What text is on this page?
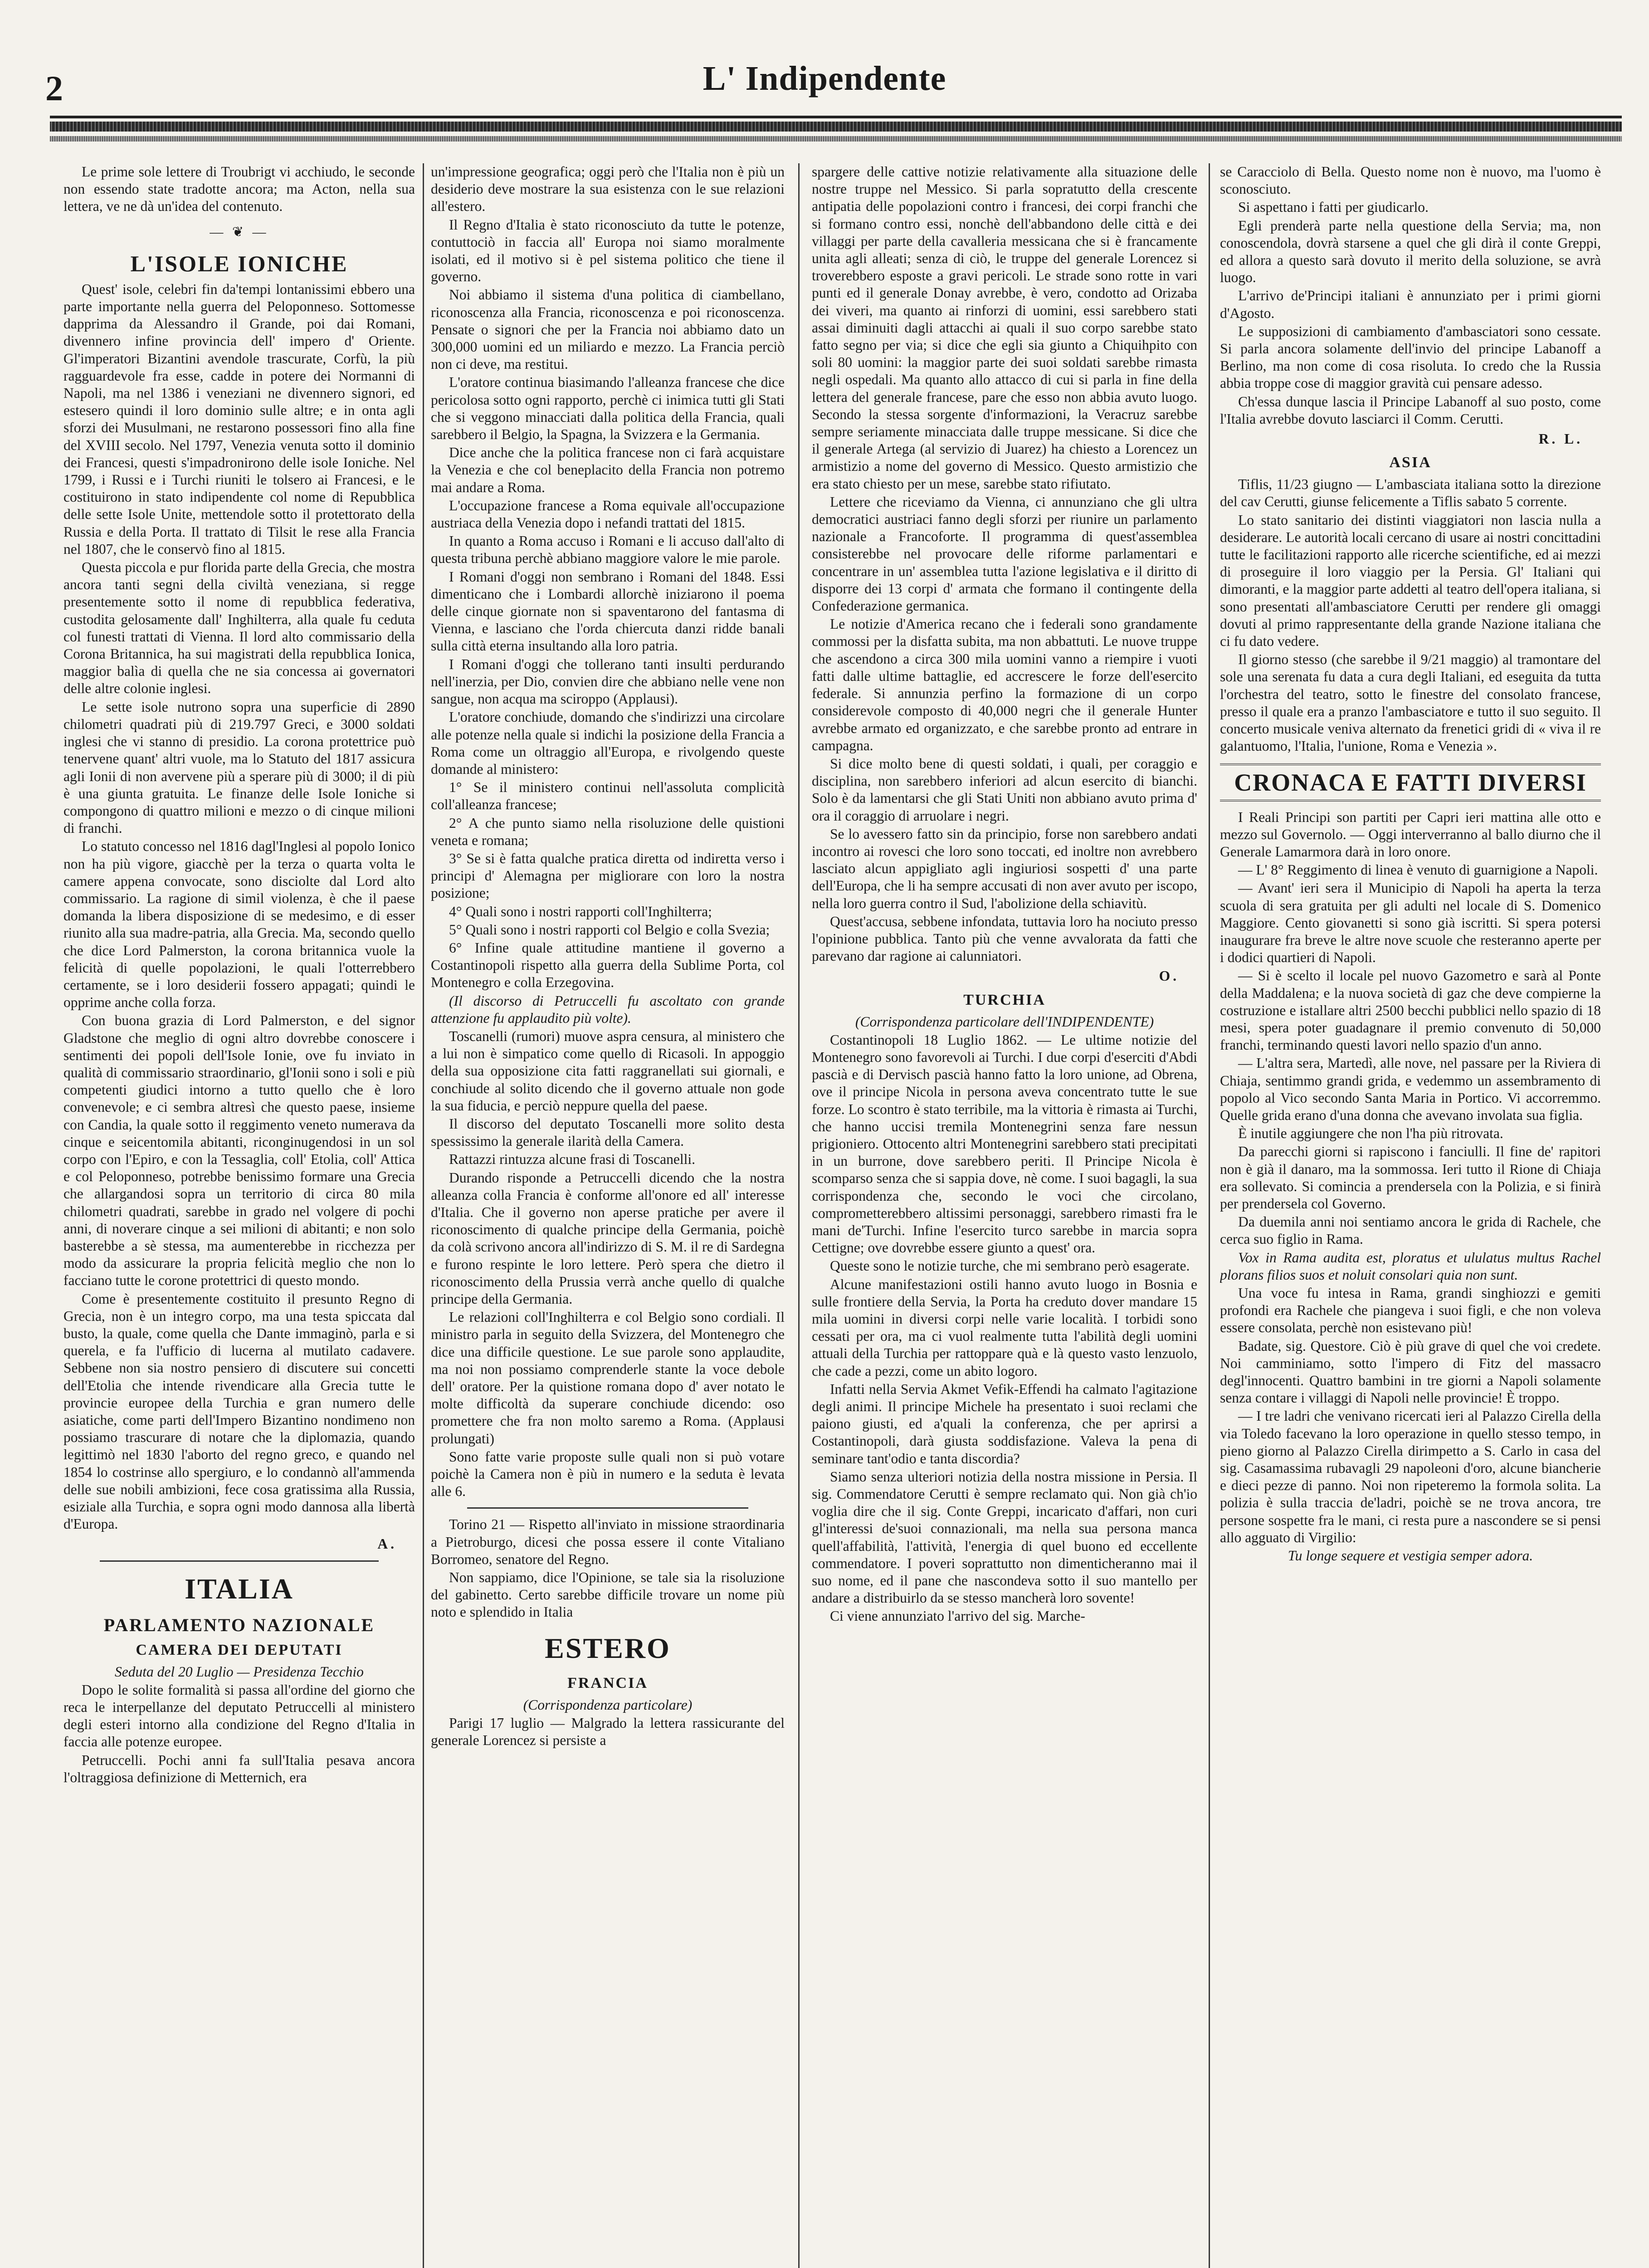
2	L' Indipendente

Le prime sole lettere di Troubrigt vi acchiudo, le seconde non essendo state tradotte ancora; ma Acton, nella sua lettera, ve ne dà un'idea del contenuto.

— ❦ —
L'ISOLE IONICHE

Quest' isole, celebri fin da'tempi lontanissimi ebbero una parte importante nella guerra del Peloponneso. Sottomesse dapprima da Alessandro il Grande, poi dai Romani, divennero infine provincia dell' impero d' Oriente. Gl'imperatori Bizantini avendole trascurate, Corfù, la più ragguardevole fra esse, cadde in potere dei Normanni di Napoli, ma nel 1386 i veneziani ne divennero signori, ed estesero quindi il loro dominio sulle altre; e in onta agli sforzi dei Musulmani, ne restarono possessori fino alla fine del XVIII secolo. Nel 1797, Venezia venuta sotto il dominio dei Francesi, questi s'impadronirono delle isole Ioniche. Nel 1799, i Russi e i Turchi riuniti le tolsero ai Francesi, e le costituirono in stato indipendente col nome di Repubblica delle sette Isole Unite, mettendole sotto il protettorato della Russia e della Porta. Il trattato di Tilsit le rese alla Francia nel 1807, che le conservò fino al 1815.

Questa piccola e pur florida parte della Grecia, che mostra ancora tanti segni della civiltà veneziana, si regge presentemente sotto il nome di repubblica federativa, custodita gelosamente dall' Inghilterra, alla quale fu ceduta col funesti trattati di Vienna. Il lord alto commissario della Corona Britannica, ha sui magistrati della repubblica Ionica, maggior balìa di quella che ne sia concessa ai governatori delle altre colonie inglesi.

Le sette isole nutrono sopra una superficie di 2890 chilometri quadrati più di 219.797 Greci, e 3000 soldati inglesi che vi stanno di presidio. La corona protettrice può tenervene quant' altri vuole, ma lo Statuto del 1817 assicura agli Ionii di non avervene più a sperare più di 3000; il di più è una giunta gratuita. Le finanze delle Isole Ioniche si compongono di quattro milioni e mezzo o di cinque milioni di franchi.

Lo statuto concesso nel 1816 dagl'Inglesi al popolo Ionico non ha più vigore, giacchè per la terza o quarta volta le camere appena convocate, sono disciolte dal Lord alto commissario. La ragione di simil violenza, è che il paese domanda la libera disposizione di se medesimo, e di esser riunito alla sua madre-patria, alla Grecia. Ma, secondo quello che dice Lord Palmerston, la corona britannica vuole la felicità di quelle popolazioni, le quali l'otterrebbero certamente, se i loro desiderii fossero appagati; quindi le opprime anche colla forza.

Con buona grazia di Lord Palmerston, e del signor Gladstone che meglio di ogni altro dovrebbe conoscere i sentimenti dei popoli dell'Isole Ionie, ove fu inviato in qualità di commissario straordinario, gl'Ionii sono i soli e più competenti giudici intorno a tutto quello che è loro convenevole; e ci sembra altresì che questo paese, insieme con Candia, la quale sotto il reggimento veneto numerava da cinque e seicentomila abitanti, riconginugendosi in un sol corpo con l'Epiro, e con la Tessaglia, coll' Etolia, coll' Attica e col Peloponneso, potrebbe benissimo formare una Grecia che allargandosi sopra un territorio di circa 80 mila chilometri quadrati, sarebbe in grado nel volgere di pochi anni, di noverare cinque a sei milioni di abitanti; e non solo basterebbe a sè stessa, ma aumenterebbe in ricchezza per modo da assicurare la propria felicità meglio che non lo facciano tutte le corone protettrici di questo mondo.

Come è presentemente costituito il presunto Regno di Grecia, non è un integro corpo, ma una testa spiccata dal busto, la quale, come quella che Dante immaginò, parla e si querela, e fa l'ufficio di lucerna al mutilato cadavere. Sebbene non sia nostro pensiero di discutere sui concetti dell'Etolia che intende rivendicare alla Grecia tutte le provincie europee della Turchia e gran numero delle asiatiche, come parti dell'Impero Bizantino nondimeno non possiamo trascurare di notare che la diplomazia, quando legittimò nel 1830 l'aborto del regno greco, e quando nel 1854 lo costrinse allo spergiuro, e lo condannò all'ammenda delle sue nobili ambizioni, fece cosa gratissima alla Russia, esiziale alla Turchia, e sopra ogni modo dannosa alla libertà d'Europa.

A.
ITALIA
PARLAMENTO NAZIONALE
CAMERA DEI DEPUTATI

Seduta del 20 Luglio — Presidenza Tecchio

Dopo le solite formalità si passa all'ordine del giorno che reca le interpellanze del deputato Petruccelli al ministero degli esteri intorno alla condizione del Regno d'Italia in faccia alle potenze europee.

Petruccelli. Pochi anni fa sull'Italia pesava ancora l'oltraggiosa definizione di Metternich, era

un'impressione geografica; oggi però che l'Italia non è più un desiderio deve mostrare la sua esistenza con le sue relazioni all'estero.

Il Regno d'Italia è stato riconosciuto da tutte le potenze, contuttociò in faccia all' Europa noi siamo moralmente isolati, ed il motivo si è pel sistema politico che tiene il governo.

Noi abbiamo il sistema d'una politica di ciambellano, riconoscenza alla Francia, riconoscenza e poi riconoscenza. Pensate o signori che per la Francia noi abbiamo dato un 300,000 uomini ed un miliardo e mezzo. La Francia perciò non ci deve, ma restitui.

L'oratore continua biasimando l'alleanza francese che dice pericolosa sotto ogni rapporto, perchè ci inimica tutti gli Stati che si veggono minacciati dalla politica della Francia, quali sarebbero il Belgio, la Spagna, la Svizzera e la Germania.

Dice anche che la politica francese non ci farà acquistare la Venezia e che col beneplacito della Francia non potremo mai andare a Roma.

L'occupazione francese a Roma equivale all'occupazione austriaca della Venezia dopo i nefandi trattati del 1815.

In quanto a Roma accuso i Romani e li accuso dall'alto di questa tribuna perchè abbiano maggiore valore le mie parole.

I Romani d'oggi non sembrano i Romani del 1848. Essi dimenticano che i Lombardi allorchè iniziarono il poema delle cinque giornate non si spaventarono del fantasma di Vienna, e lasciano che l'orda chiercuta danzi ridde banali sulla città eterna insultando alla loro patria.

I Romani d'oggi che tollerano tanti insulti perdurando nell'inerzia, per Dio, convien dire che abbiano nelle vene non sangue, non acqua ma sciroppo (Applausi).

L'oratore conchiude, domando che s'indirizzi una circolare alle potenze nella quale si indichi la posizione della Francia a Roma come un oltraggio all'Europa, e rivolgendo queste domande al ministero:

1° Se il ministero continui nell'assoluta complicità coll'alleanza francese;

2° A che punto siamo nella risoluzione delle quistioni veneta e romana;

3° Se si è fatta qualche pratica diretta od indiretta verso i principi d' Alemagna per migliorare con loro la nostra posizione;

4° Quali sono i nostri rapporti coll'Inghilterra;

5° Quali sono i nostri rapporti col Belgio e colla Svezia;

6° Infine quale attitudine mantiene il governo a Costantinopoli rispetto alla guerra della Sublime Porta, col Montenegro e colla Erzegovina.

(Il discorso di Petruccelli fu ascoltato con grande attenzione fu applaudito più volte).

Toscanelli (rumori) muove aspra censura, al ministero che a lui non è simpatico come quello di Ricasoli. In appoggio della sua opposizione cita fatti raggranellati sui giornali, e conchiude al solito dicendo che il governo attuale non gode la sua fiducia, e perciò neppure quella del paese.

Il discorso del deputato Toscanelli more solito desta spessissimo la generale ilarità della Camera.

Rattazzi rintuzza alcune frasi di Toscanelli.

Durando risponde a Petruccelli dicendo che la nostra alleanza colla Francia è conforme all'onore ed all' interesse d'Italia. Che il governo non aperse pratiche per avere il riconoscimento di qualche principe della Germania, poichè da colà scrivono ancora all'indirizzo di S. M. il re di Sardegna e furono respinte le loro lettere. Però spera che dietro il riconoscimento della Prussia verrà anche quello di qualche principe della Germania.

Le relazioni coll'Inghilterra e col Belgio sono cordiali. Il ministro parla in seguito della Svizzera, del Montenegro che dice una difficile questione. Le sue parole sono applaudite, ma noi non possiamo comprenderle stante la voce debole dell' oratore. Per la quistione romana dopo d' aver notato le molte difficoltà da superare conchiude dicendo: oso promettere che fra non molto saremo a Roma. (Applausi prolungati)

Sono fatte varie proposte sulle quali non si può votare poichè la Camera non è più in numero e la seduta è levata alle 6.

Torino 21 — Rispetto all'inviato in missione straordinaria a Pietroburgo, dicesi che possa essere il conte Vitaliano Borromeo, senatore del Regno.

Non sappiamo, dice l'Opinione, se tale sia la risoluzione del gabinetto. Certo sarebbe difficile trovare un nome più noto e splendido in Italia

ESTERO
FRANCIA

(Corrispondenza particolare)

Parigi 17 luglio — Malgrado la lettera rassicurante del generale Lorencez si persiste a

spargere delle cattive notizie relativamente alla situazione delle nostre truppe nel Messico. Si parla sopratutto della crescente antipatia delle popolazioni contro i francesi, dei corpi franchi che si formano contro essi, nonchè dell'abbandono delle città e dei villaggi per parte della cavalleria messicana che si è francamente unita agli alleati; senza di ciò, le truppe del generale Lorencez si troverebbero esposte a gravi pericoli. Le strade sono rotte in vari punti ed il generale Donay avrebbe, è vero, condotto ad Orizaba dei viveri, ma quanto ai rinforzi di uomini, essi sarebbero stati assai diminuiti dagli attacchi ai quali il suo corpo sarebbe stato fatto segno per via; si dice che egli sia giunto a Chiquihpito con soli 80 uomini: la maggior parte dei suoi soldati sarebbe rimasta negli ospedali. Ma quanto allo attacco di cui si parla in fine della lettera del generale francese, pare che esso non abbia avuto luogo. Secondo la stessa sorgente d'informazioni, la Veracruz sarebbe sempre seriamente minacciata dalle truppe messicane. Si dice che il generale Artega (al servizio di Juarez) ha chiesto a Lorencez un armistizio a nome del governo di Messico. Questo armistizio che era stato chiesto per un mese, sarebbe stato rifiutato.

Lettere che riceviamo da Vienna, ci annunziano che gli ultra democratici austriaci fanno degli sforzi per riunire un parlamento nazionale a Francoforte. Il programma di quest'assemblea consisterebbe nel provocare delle riforme parlamentari e concentrare in un' assemblea tutta l'azione legislativa e il diritto di disporre dei 13 corpi d' armata che formano il contingente della Confederazione germanica.

Le notizie d'America recano che i federali sono grandamente commossi per la disfatta subita, ma non abbattuti. Le nuove truppe che ascendono a circa 300 mila uomini vanno a riempire i vuoti fatti dalle ultime battaglie, ed accrescere le forze dell'esercito federale. Si annunzia perfino la formazione di un corpo considerevole composto di 40,000 negri che il generale Hunter avrebbe armato ed organizzato, e che sarebbe pronto ad entrare in campagna.

Si dice molto bene di questi soldati, i quali, per coraggio e disciplina, non sarebbero inferiori ad alcun esercito di bianchi. Solo è da lamentarsi che gli Stati Uniti non abbiano avuto prima d' ora il coraggio di arruolare i negri.

Se lo avessero fatto sin da principio, forse non sarebbero andati incontro ai rovesci che loro sono toccati, ed inoltre non avrebbero lasciato alcun appigliato agli ingiuriosi sospetti d' una parte dell'Europa, che li ha sempre accusati di non aver avuto per iscopo, nella loro guerra contro il Sud, l'abolizione della schiavitù.

Quest'accusa, sebbene infondata, tuttavia loro ha nociuto presso l'opinione pubblica. Tanto più che venne avvalorata da fatti che parevano dar ragione ai calunniatori.

O.
TURCHIA

(Corrispondenza particolare dell'INDIPENDENTE)

Costantinopoli 18 Luglio 1862. — Le ultime notizie del Montenegro sono favorevoli ai Turchi. I due corpi d'eserciti d'Abdi pascià e di Dervisch pascià hanno fatto la loro unione, ad Obrena, ove il principe Nicola in persona aveva concentrato tutte le sue forze. Lo scontro è stato terribile, ma la vittoria è rimasta ai Turchi, che hanno uccisi tremila Montenegrini senza fare nessun prigioniero. Ottocento altri Montenegrini sarebbero stati precipitati in un burrone, dove sarebbero periti. Il Principe Nicola è scomparso senza che si sappia dove, nè come. I suoi bagagli, la sua corrispondenza che, secondo le voci che circolano, comprometterebbero altissimi personaggi, sarebbero rimasti fra le mani de'Turchi. Infine l'esercito turco sarebbe in marcia sopra Cettigne; ove dovrebbe essere giunto a quest' ora.

Queste sono le notizie turche, che mi sembrano però esagerate.

Alcune manifestazioni ostili hanno avuto luogo in Bosnia e sulle frontiere della Servia, la Porta ha creduto dover mandare 15 mila uomini in diversi corpi nelle varie località. I torbidi sono cessati per ora, ma ci vuol realmente tutta l'abilità degli uomini attuali della Turchia per rattoppare quà e là questo vasto lenzuolo, che cade a pezzi, come un abito logoro.

Infatti nella Servia Akmet Vefik-Effendi ha calmato l'agitazione degli animi. Il principe Michele ha presentato i suoi reclami che paiono giusti, ed a'quali la conferenza, che per aprirsi a Costantinopoli, darà giusta soddisfazione. Valeva la pena di seminare tant'odio e tanta discordia?

Siamo senza ulteriori notizia della nostra missione in Persia. Il sig. Commendatore Cerutti è sempre reclamato qui. Non già ch'io voglia dire che il sig. Conte Greppi, incaricato d'affari, non curi gl'interessi de'suoi connazionali, ma nella sua persona manca quell'affabilità, l'attività, l'energia di quel buono ed eccellente commendatore. I poveri soprattutto non dimenticheranno mai il suo nome, ed il pane che nascondeva sotto il suo mantello per andare a distribuirlo da se stesso mancherà loro sovente!

Ci viene annunziato l'arrivo del sig. Marche-

se Caracciolo di Bella. Questo nome non è nuovo, ma l'uomo è sconosciuto.

Si aspettano i fatti per giudicarlo.

Egli prenderà parte nella questione della Servia; ma, non conoscendola, dovrà starsene a quel che gli dirà il conte Greppi, ed allora a questo sarà dovuto il merito della soluzione, se avrà luogo.

L'arrivo de'Principi italiani è annunziato per i primi giorni d'Agosto.

Le supposizioni di cambiamento d'ambasciatori sono cessate. Si parla ancora solamente dell'invio del principe Labanoff a Berlino, ma non come di cosa risoluta. Io credo che la Russia abbia troppe cose di maggior gravità cui pensare adesso.

Ch'essa dunque lascia il Principe Labanoff al suo posto, come l'Italia avrebbe dovuto lasciarci il Comm. Cerutti.

R. L.
ASIA

Tiflis, 11/23 giugno — L'ambasciata italiana sotto la direzione del cav Cerutti, giunse felicemente a Tiflis sabato 5 corrente.

Lo stato sanitario dei distinti viaggiatori non lascia nulla a desiderare. Le autorità locali cercano di usare ai nostri concittadini tutte le facilitazioni rapporto alle ricerche scientifiche, ed ai mezzi di proseguire il loro viaggio per la Persia. Gl' Italiani qui dimoranti, e la maggior parte addetti al teatro dell'opera italiana, si sono presentati all'ambasciatore Cerutti per rendere gli omaggi dovuti al primo rappresentante della grande Nazione italiana che ci fu dato vedere.

Il giorno stesso (che sarebbe il 9/21 maggio) al tramontare del sole una serenata fu data a cura degli Italiani, ed eseguita da tutta l'orchestra del teatro, sotto le finestre del consolato francese, presso il quale era a pranzo l'ambasciatore e tutto il suo seguito. Il concerto musicale veniva alternato da frenetici gridi di « viva il re galantuomo, l'Italia, l'unione, Roma e Venezia ».

CRONACA E FATTI DIVERSI

I Reali Principi son partiti per Capri ieri mattina alle otto e mezzo sul Governolo. — Oggi interverranno al ballo diurno che il Generale Lamarmora darà in loro onore.

— L' 8° Reggimento di linea è venuto di guarnigione a Napoli.

— Avant' ieri sera il Municipio di Napoli ha aperta la terza scuola di sera gratuita per gli adulti nel locale di S. Domenico Maggiore. Cento giovanetti si sono già iscritti. Si spera potersi inaugurare fra breve le altre nove scuole che resteranno aperte per i dodici quartieri di Napoli.

— Si è scelto il locale pel nuovo Gazometro e sarà al Ponte della Maddalena; e la nuova società di gaz che deve compierne la costruzione e istallare altri 2500 becchi pubblici nello spazio di 18 mesi, spera poter guadagnare il premio convenuto di 50,000 franchi, terminando questi lavori nello spazio d'un anno.

— L'altra sera, Martedì, alle nove, nel passare per la Riviera di Chiaja, sentimmo grandi grida, e vedemmo un assembramento di popolo al Vico secondo Santa Maria in Portico. Vi accorremmo. Quelle grida erano d'una donna che avevano involata sua figlia.

È inutile aggiungere che non l'ha più ritrovata.

Da parecchi giorni si rapiscono i fanciulli. Il fine de' rapitori non è già il danaro, ma la sommossa. Ieri tutto il Rione di Chiaja era sollevato. Si comincia a prendersela con la Polizia, e si finirà per prendersela col Governo.

Da duemila anni noi sentiamo ancora le grida di Rachele, che cerca suo figlio in Rama.

Vox in Rama audita est, ploratus et ululatus multus Rachel plorans filios suos et noluit consolari quia non sunt.

Una voce fu intesa in Rama, grandi singhiozzi e gemiti profondi era Rachele che piangeva i suoi figli, e che non voleva essere consolata, perchè non esistevano più!

Badate, sig. Questore. Ciò è più grave di quel che voi credete. Noi camminiamo, sotto l'impero di Fitz del massacro degl'innocenti. Quattro bambini in tre giorni a Napoli solamente senza contare i villaggi di Napoli nelle provincie! È troppo.

— I tre ladri che venivano ricercati ieri al Palazzo Cirella della via Toledo facevano la loro operazione in quello stesso tempo, in pieno giorno al Palazzo Cirella dirimpetto a S. Carlo in casa del sig. Casamassima rubavagli 29 napoleoni d'oro, alcune biancherie e dieci pezze di panno. Noi non ripeteremo la formola solita. La polizia è sulla traccia de'ladri, poichè se ne trova ancora, tre persone sospette fra le mani, ci resta pure a nascondere se si pensi allo agguato di Virgilio:

Tu longe sequere et vestigia semper adora.
